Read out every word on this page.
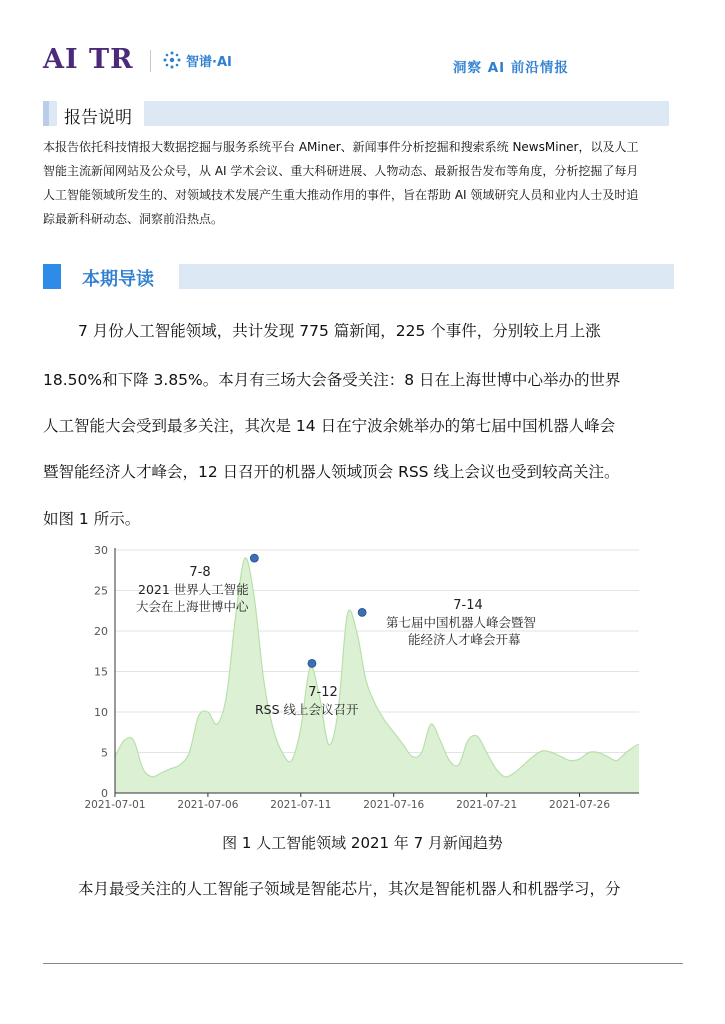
AI TR	智谱·AI	洞察 AI 前沿情报
报告说明
本报告依托科技情报大数据挖掘与服务系统平台 AMiner、新闻事件分析挖掘和搜索系统 NewsMiner，以及人工
智能主流新闻网站及公众号，从 AI 学术会议、重大科研进展、人物动态、最新报告发布等角度，分析挖掘了每月
人工智能领域所发生的、对领域技术发展产生重大推动作用的事件，旨在帮助 AI 领域研究人员和业内人士及时追
踪最新科研动态、洞察前沿热点。
本期导读
7 月份人工智能领域，共计发现 775 篇新闻，225 个事件，分别较上月上涨
18.50%和下降 3.85%。本月有三场大会备受关注：8 日在上海世博中心举办的世界
人工智能大会受到最多关注，其次是 14 日在宁波余姚举办的第七届中国机器人峰会
暨智能经济人才峰会，12 日召开的机器人领域顶会 RSS 线上会议也受到较高关注。
如图 1 所示。
0
5
10
15
20
25
30
2021-07-01	2021-07-06	2021-07-11	2021-07-16	2021-07-21	2021-07-26
7-8
2021 世界人工智能
大会在上海世博中心
7-12
RSS 线上会议召开
7-14
第七届中国机器人峰会暨智
能经济人才峰会开幕
图 1 人工智能领域 2021 年 7 月新闻趋势
本月最受关注的人工智能子领域是智能芯片，其次是智能机器人和机器学习，分
